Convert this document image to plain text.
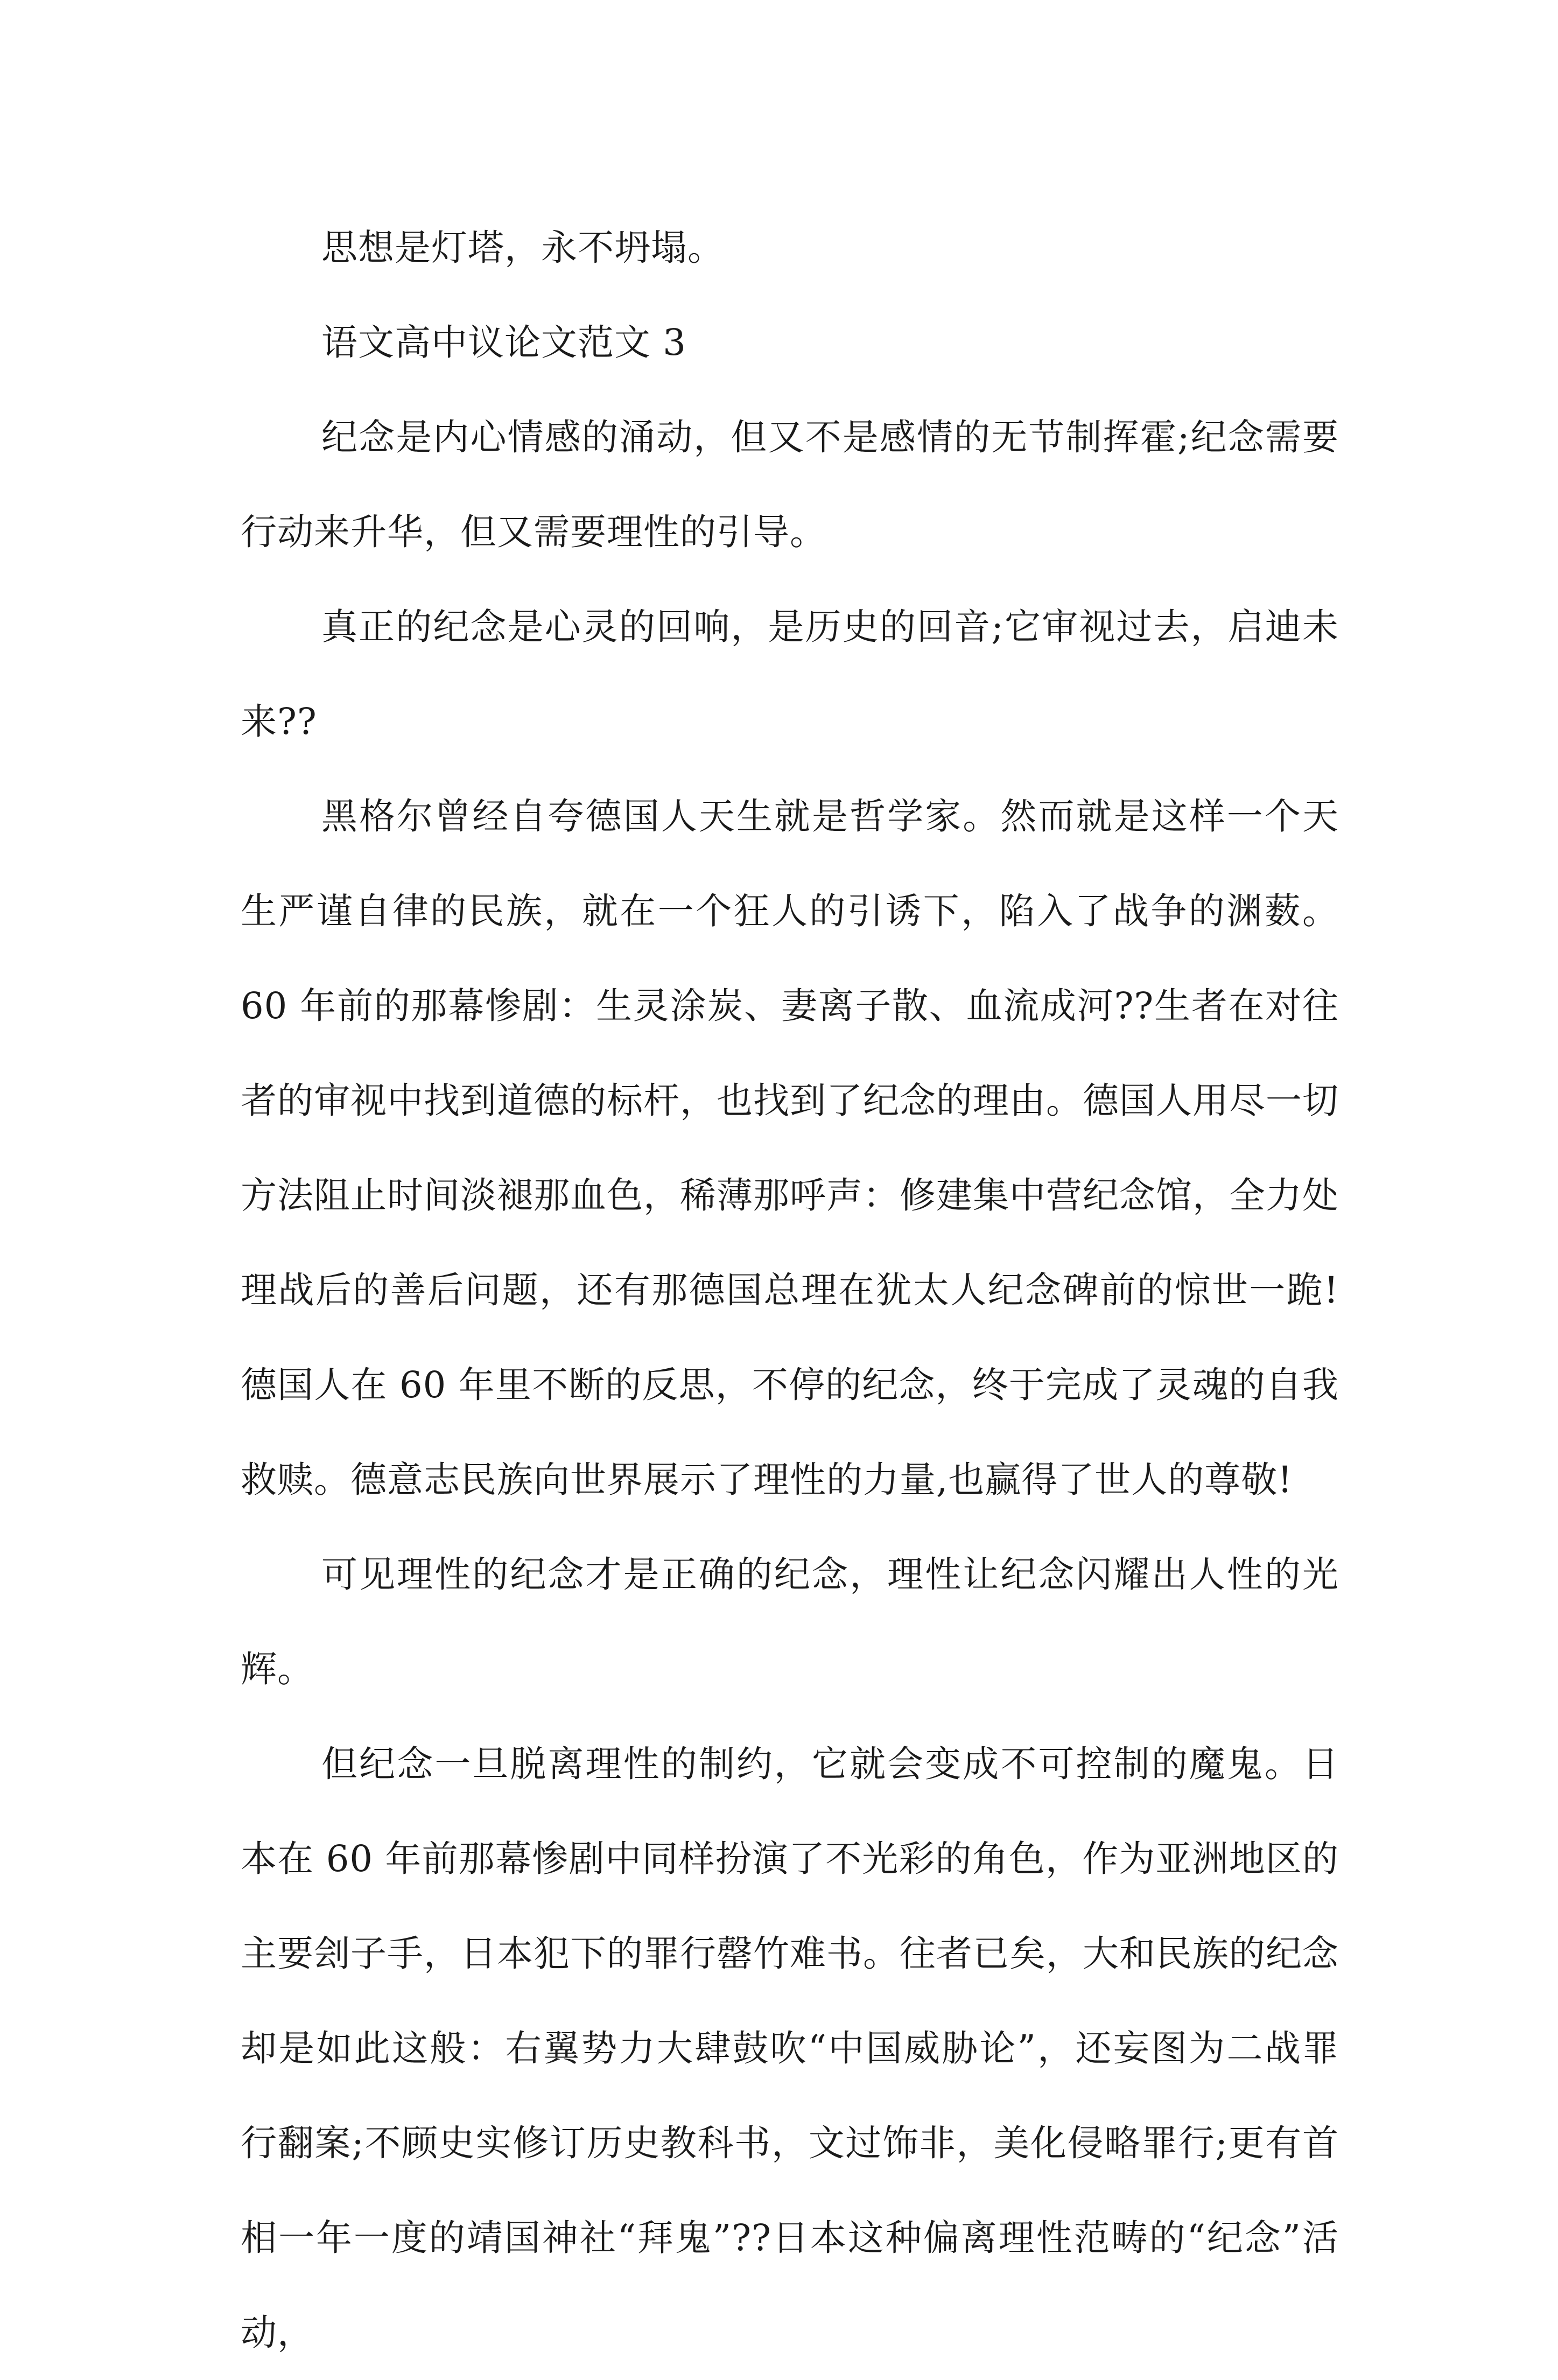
思想是灯塔，永不坍塌。

语文高中议论文范文 3

纪念是内心情感的涌动，但又不是感情的无节制挥霍;纪念需要行动来升华，但又需要理性的引导。

真正的纪念是心灵的回响，是历史的回音;它审视过去，启迪未来??

黑格尔曾经自夸德国人天生就是哲学家。然而就是这样一个天生严谨自律的民族，就在一个狂人的引诱下，陷入了战争的渊薮。60 年前的那幕惨剧：生灵涂炭、妻离子散、血流成河??生者在对往者的审视中找到道德的标杆，也找到了纪念的理由。德国人用尽一切方法阻止时间淡褪那血色，稀薄那呼声：修建集中营纪念馆，全力处理战后的善后问题，还有那德国总理在犹太人纪念碑前的惊世一跪!德国人在 60 年里不断的反思，不停的纪念，终于完成了灵魂的自我救赎。德意志民族向世界展示了理性的力量,也赢得了世人的尊敬!

可见理性的纪念才是正确的纪念，理性让纪念闪耀出人性的光辉。

但纪念一旦脱离理性的制约，它就会变成不可控制的魔鬼。日本在 60 年前那幕惨剧中同样扮演了不光彩的角色，作为亚洲地区的主要刽子手，日本犯下的罪行罄竹难书。往者已矣，大和民族的纪念却是如此这般：右翼势力大肆鼓吹“中国威胁论”，还妄图为二战罪行翻案;不顾史实修订历史教科书，文过饰非，美化侵略罪行;更有首相一年一度的靖国神社“拜鬼”??日本这种偏离理性范畴的“纪念”活动，
